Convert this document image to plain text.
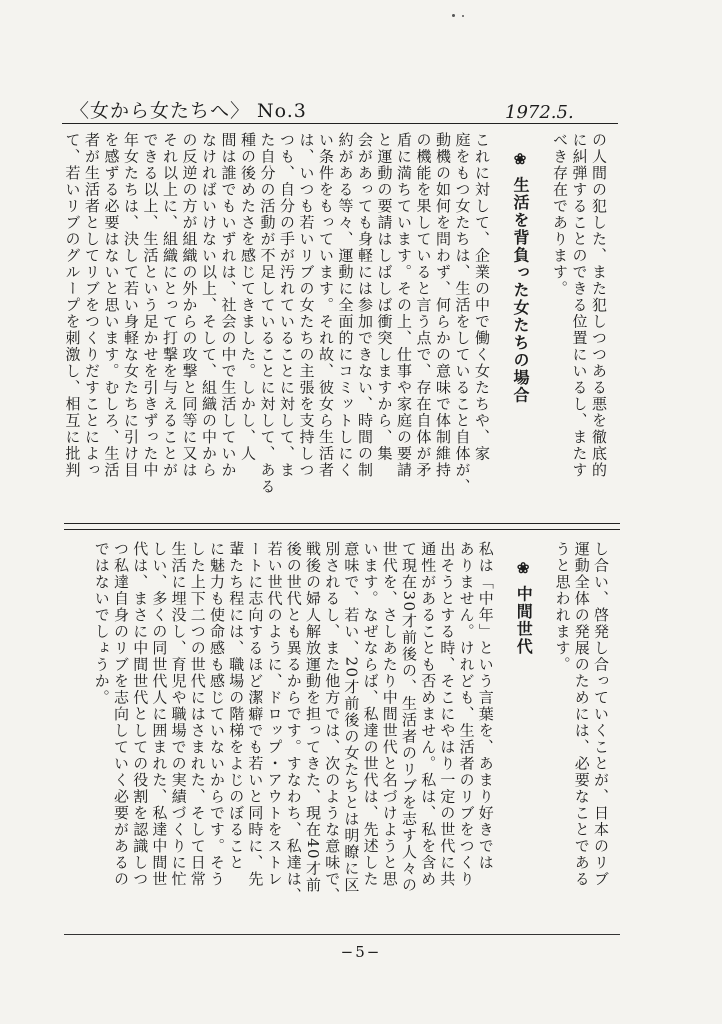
〈女から女たちへ〉 No.3	1972.5.
の人間の犯した、また犯しつつある悪を徹底的
に糾弾することのできる位置にいるし、またす
べき存在であります。
❀ 生活を背負った女たちの場合
これに対して、企業の中で働く女たちや、家
庭をもつ女たちは、生活をしていること自体が、
動機の如何を問わず、何らかの意味で体制維持
の機能を果していると言う点で、存在自体が矛
盾に満ちています。その上、仕事や家庭の要請
と運動の要請はしばしば衝突しますから、集
会があっても身軽には参加できない、時間の制
約がある等々、運動に全面的にコミットしにく
い条件をもっています。それ故、彼女ら生活者
は、いつも若いリブの女たちの主張を支持しつ
つも、自分の手が汚れていることに対して、ま
た自分の活動が不足していることに対して、ある
種の後めたさを感じてきました。しかし、人
間は誰でもいずれは、社会の中で生活していか
なければいけない以上、そして、組織の中から
の反逆の方が組織の外からの攻撃と同等に又は
それ以上に、組織にとって打撃を与えることが
できる以上、生活という足かせを引きずった中
年女たちは、決して若い身軽な女たちに引け目
を感ずる必要はないと思います。むしろ、生活
者が生活者としてリブをつくりだすことによっ
て、若いリブのグループを刺激し、相互に批判
し合い、啓発し合っていくことが、日本のリブ
運動全体の発展のためには、必要なことである
うと思われます。
❀ 中間世代
私は「中年」という言葉を、あまり好きでは
ありません。けれども、生活者のリブをつくり
出そうとする時、そこにやはり一定の世代に共
通性があることも否めません。私は、私を含め
て現在30才前後の、生活者のリブを志す人々の
世代を、さしあたり中間世代と名づけようと思
います。なぜならば、私達の世代は、先述した
意味で、若い、20才前後の女たちとは明瞭に区
別されるし、また他方では、次のような意味で、
戦後の婦人解放運動を担ってきた、現在40才前
後の世代とも異るからです。すなわち、私達は、
若い世代のように、ドロップ・アウトをストレ
ートに志向するほど潔癖でも若いと同時に、先
輩たち程には、職場の階梯をよじのぼること
に魅力も使命感も感じていないからです。そう
した上下二つの世代にはさまれた、そして日常
生活に埋没し、育児や職場での実績づくりに忙
しい、多くの同世代人に囲まれた、私達中間世
代は、まさに中間世代としての役割を認識しつ
つ私達自身のリブを志向していく必要があるの
ではないでしょうか。
−5−
